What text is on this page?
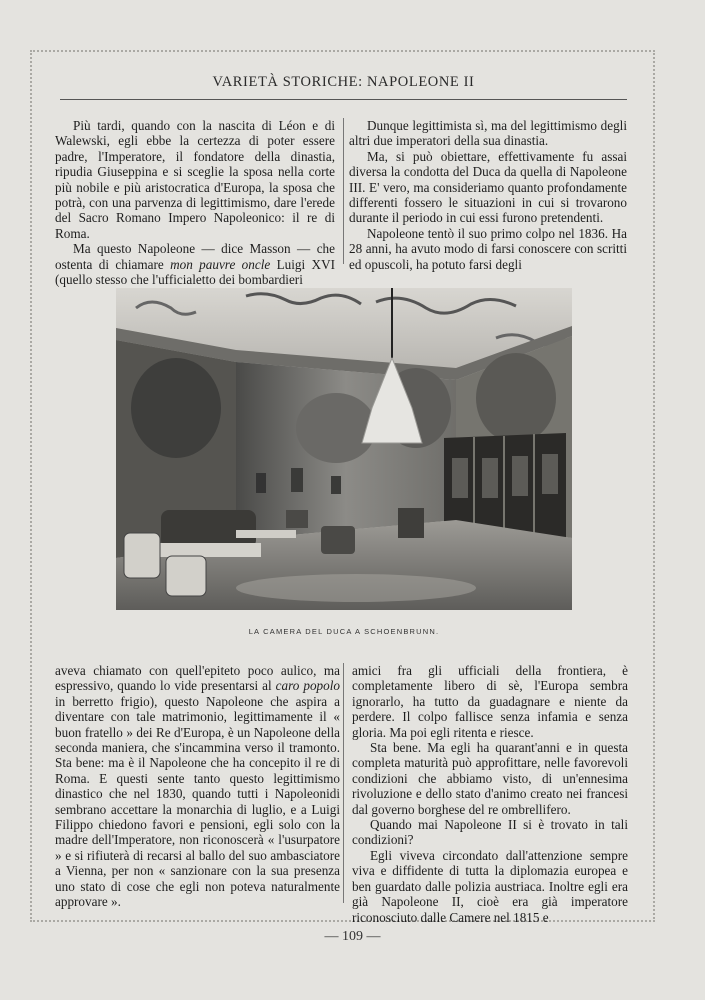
VARIETÀ STORICHE: NAPOLEONE II

Più tardi, quando con la nascita di Léon e di Walewski, egli ebbe la certezza di poter essere padre, l'Imperatore, il fondatore della dinastia, ripudia Giuseppina e si sceglie la sposa nella corte più nobile e più aristocratica d'Europa, la sposa che potrà, con una parvenza di legittimismo, dare l'erede del Sacro Romano Impero Napoleonico: il re di Roma.

Ma questo Napoleone — dice Masson — che ostenta di chiamare mon pauvre oncle Luigi XVI (quello stesso che l'ufficialetto dei bombardieri

Dunque legittimista sì, ma del legittimismo degli altri due imperatori della sua dinastia.

Ma, si può obiettare, effettivamente fu assai diversa la condotta del Duca da quella di Napoleone III. E' vero, ma consideriamo quanto profondamente differenti fossero le situazioni in cui si trovarono durante il periodo in cui essi furono pretendenti.

Napoleone tentò il suo primo colpo nel 1836. Ha 28 anni, ha avuto modo di farsi conoscere con scritti ed opuscoli, ha potuto farsi degli

LA CAMERA DEL DUCA A SCHOENBRUNN.

aveva chiamato con quell'epiteto poco aulico, ma espressivo, quando lo vide presentarsi al caro popolo in berretto frigio), questo Napoleone che aspira a diventare con tale matrimonio, legittimamente il « buon fratello » dei Re d'Europa, è un Napoleone della seconda maniera, che s'incammina verso il tramonto. Sta bene: ma è il Napoleone che ha concepito il re di Roma. E questi sente tanto questo legittimismo dinastico che nel 1830, quando tutti i Napoleonidi sembrano accettare la monarchia di luglio, e a Luigi Filippo chiedono favori e pensioni, egli solo con la madre dell'Imperatore, non riconoscerà « l'usurpatore » e si rifiuterà di recarsi al ballo del suo ambasciatore a Vienna, per non « sanzionare con la sua presenza uno stato di cose che egli non poteva naturalmente approvare ».

amici fra gli ufficiali della frontiera, è completamente libero di sè, l'Europa sembra ignorarlo, ha tutto da guadagnare e niente da perdere. Il colpo fallisce senza infamia e senza gloria. Ma poi egli ritenta e riesce.

Sta bene. Ma egli ha quarant'anni e in questa completa maturità può approfittare, nelle favorevoli condizioni che abbiamo visto, di un'ennesima rivoluzione e dello stato d'animo creato nei francesi dal governo borghese del re ombrellifero.

Quando mai Napoleone II si è trovato in tali condizioni?

Egli viveva circondato dall'attenzione sempre viva e diffidente di tutta la diplomazia europea e ben guardato dalle polizia austriaca. Inoltre egli era già Napoleone II, cioè era già imperatore riconosciuto dalle Camere nel 1815 e

— 109 —
